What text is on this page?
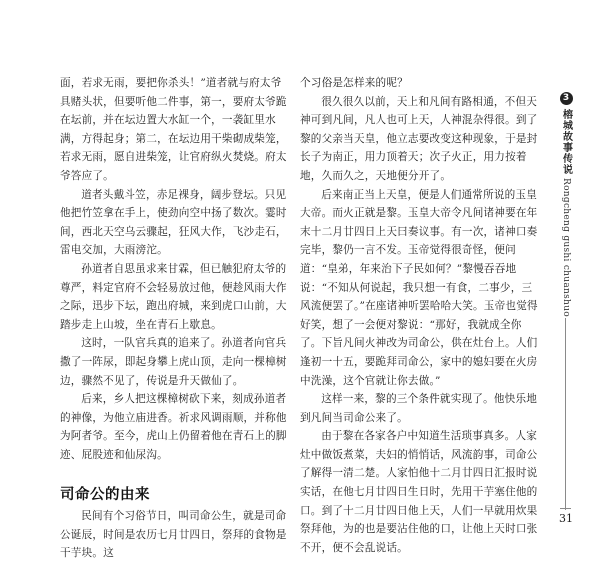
面，若求无雨，要把你杀头！”道者就与府太爷具赌头状，但要听他二件事，第一，要府太爷跪在坛前，并在坛边置大水缸一个，一袭缸里水满，方得起身；第二，在坛边用干柴砌成柴笼，若求无雨，愿自进柴笼，让官府纵火焚烧。府太爷答应了。

道者头戴斗笠，赤足裸身，阔步登坛。只见他把竹笠拿在手上，使劲向空中扬了数次。霎时间，西北天空乌云骤起，狂风大作，飞沙走石，雷电交加，大雨滂沱。

孙道者自思虽求来甘霖，但已触犯府太爷的尊严，料定官府不会轻易放过他，便趁风雨大作之际，迅步下坛，跑出府城，来到虎口山前，大踏步走上山坡，坐在青石上歇息。

这时，一队官兵真的追来了。孙道者向官兵撒了一阵尿，即起身攀上虎山顶，走向一棵樟树边，骤然不见了，传说是升天做仙了。

后来，乡人把这棵樟树砍下来，刻成孙道者的神像，为他立庙进香。祈求风调雨顺，并称他为阿者爷。至今，虎山上仍留着他在青石上的脚迹、屁股迹和仙尿沟。

司命公的由来

民间有个习俗节日，叫司命公生，就是司命公诞辰，时间是农历七月廿四日，祭拜的食物是干芋块。这

个习俗是怎样来的呢？

很久很久以前，天上和凡间有路相通，不但天神可到凡间，凡人也可上天，人神混杂得很。到了黎的父亲当天皇，他立志要改变这种现象，于是封长子为南正，用力顶着天；次子火正，用力按着地，久而久之，天地便分开了。

后来南正当上天皇，便是人们通常所说的玉皇大帝。而火正就是黎。玉皇大帝令凡间诸神要在年末十二月廿四日上天曰奏议事。有一次，诸神口奏完毕，黎仍一言不发。玉帝觉得很奇怪，便问道：“皇弟，年来治下子民如何？”黎慢吞吞地说：“不知从何说起，我只想一有食，二事少，三风流便罢了。”在座诸神听罢哈哈大笑。玉帝也觉得好笑，想了一会便对黎说：“那好，我就成全你了。下旨凡间火神改为司命公，供在灶台上。人们逢初一十五，要跪拜司命公，家中的媳妇要在火房中洗澡，这个官就让你去做。”

这样一来，黎的三个条件就实现了。他快乐地到凡间当司命公来了。

由于黎在各家各户中知道生活琐事真多。人家灶中做饭煮菜，夫妇的悄悄话，风流韵事，司命公了解得一清二楚。人家怕他十二月廿四日汇报时说实话，在他七月廿四日生日时，先用干芋塞住他的口。到了十二月廿四日他上天，人们一早就用炊果祭拜他，为的也是要沾住他的口，让他上天时口张不开，便不会乱说话。

3
榕城故事传说
Rongcheng gushi chuanshuo
31
